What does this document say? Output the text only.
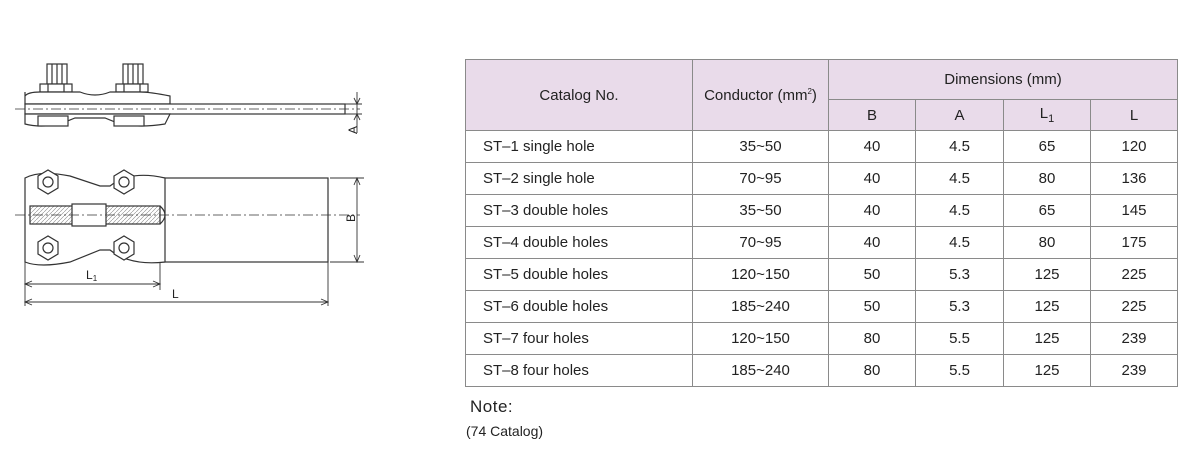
A
B
L1
L
Catalog No.	Conductor $(mm^2)$	Dimensions (mm)			
		B	A	$L_1$	L
ST–1 single hole	35~50	40	4.5	65	120
ST–2 single hole	70~95	40	4.5	80	136
ST–3 double holes	35~50	40	4.5	65	145
ST–4 double holes	70~95	40	4.5	80	175
ST–5 double holes	120~150	50	5.3	125	225
ST–6 double holes	185~240	50	5.3	125	225
ST–7 four holes	120~150	80	5.5	125	239
ST–8 four holes	185~240	80	5.5	125	239
Note:
(74 Catalog)
